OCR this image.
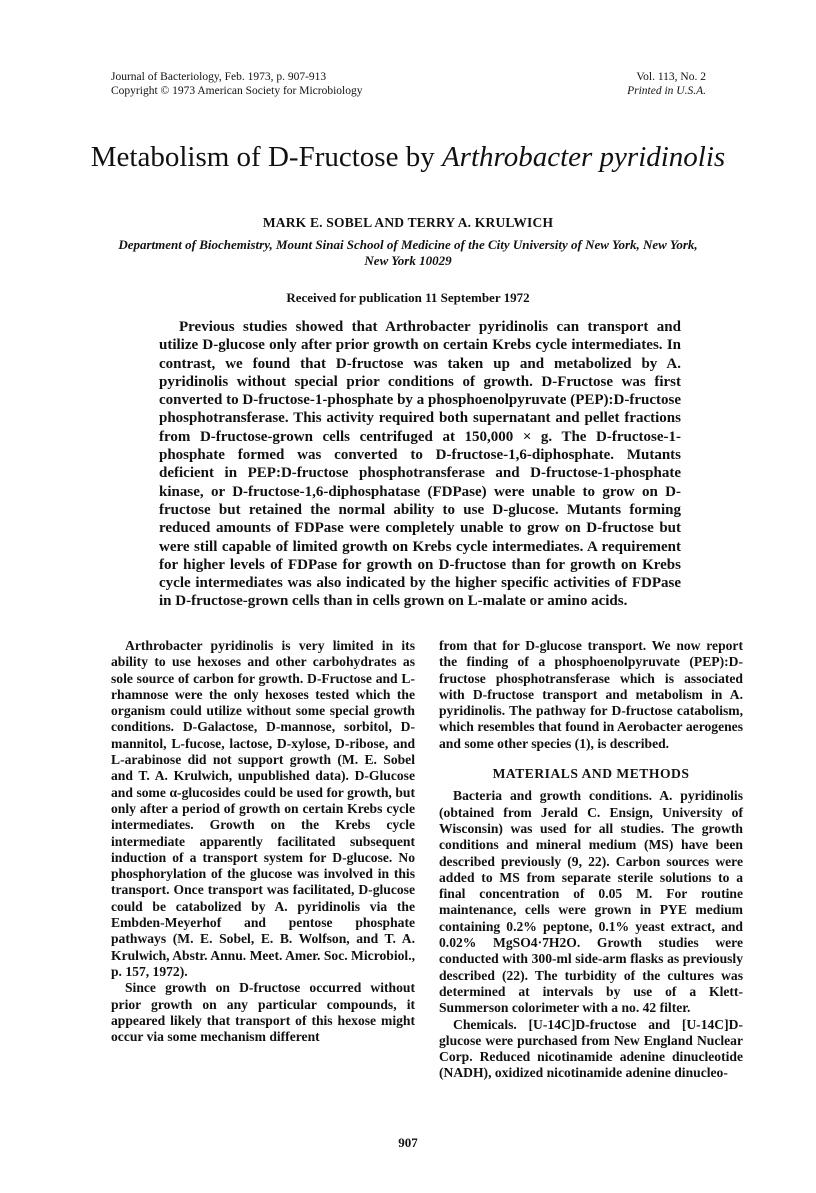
Journal of Bacteriology, Feb. 1973, p. 907-913
Copyright © 1973 American Society for Microbiology
Vol. 113, No. 2
Printed in U.S.A.
Metabolism of D-Fructose by Arthrobacter pyridinolis
MARK E. SOBEL AND TERRY A. KRULWICH
Department of Biochemistry, Mount Sinai School of Medicine of the City University of New York, New York, New York 10029
Received for publication 11 September 1972

Previous studies showed that Arthrobacter pyridinolis can transport and utilize D-glucose only after prior growth on certain Krebs cycle intermediates. In contrast, we found that D-fructose was taken up and metabolized by A. pyridinolis without special prior conditions of growth. D-Fructose was first converted to D-fructose-1-phosphate by a phosphoenolpyruvate (PEP):D-fructose phosphotransferase. This activity required both supernatant and pellet fractions from D-fructose-grown cells centrifuged at 150,000 × g. The D-fructose-1-phosphate formed was converted to D-fructose-1,6-diphosphate. Mutants deficient in PEP:D-fructose phosphotransferase and D-fructose-1-phosphate kinase, or D-fructose-1,6-diphosphatase (FDPase) were unable to grow on D-fructose but retained the normal ability to use D-glucose. Mutants forming reduced amounts of FDPase were completely unable to grow on D-fructose but were still capable of limited growth on Krebs cycle intermediates. A requirement for higher levels of FDPase for growth on D-fructose than for growth on Krebs cycle intermediates was also indicated by the higher specific activities of FDPase in D-fructose-grown cells than in cells grown on L-malate or amino acids.

Arthrobacter pyridinolis is very limited in its ability to use hexoses and other carbohydrates as sole source of carbon for growth. D-Fructose and L-rhamnose were the only hexoses tested which the organism could utilize without some special growth conditions. D-Galactose, D-mannose, sorbitol, D-mannitol, L-fucose, lactose, D-xylose, D-ribose, and L-arabinose did not support growth (M. E. Sobel and T. A. Krulwich, unpublished data). D-Glucose and some α-glucosides could be used for growth, but only after a period of growth on certain Krebs cycle intermediates. Growth on the Krebs cycle intermediate apparently facilitated subsequent induction of a transport system for D-glucose. No phosphorylation of the glucose was involved in this transport. Once transport was facilitated, D-glucose could be catabolized by A. pyridinolis via the Embden-Meyerhof and pentose phosphate pathways (M. E. Sobel, E. B. Wolfson, and T. A. Krulwich, Abstr. Annu. Meet. Amer. Soc. Microbiol., p. 157, 1972).

Since growth on D-fructose occurred without prior growth on any particular compounds, it appeared likely that transport of this hexose might occur via some mechanism different

from that for D-glucose transport. We now report the finding of a phosphoenolpyruvate (PEP):D-fructose phosphotransferase which is associated with D-fructose transport and metabolism in A. pyridinolis. The pathway for D-fructose catabolism, which resembles that found in Aerobacter aerogenes and some other species (1), is described.

MATERIALS AND METHODS

Bacteria and growth conditions. A. pyridinolis (obtained from Jerald C. Ensign, University of Wisconsin) was used for all studies. The growth conditions and mineral medium (MS) have been described previously (9, 22). Carbon sources were added to MS from separate sterile solutions to a final concentration of 0.05 M. For routine maintenance, cells were grown in PYE medium containing 0.2% peptone, 0.1% yeast extract, and 0.02% MgSO4·7H2O. Growth studies were conducted with 300-ml side-arm flasks as previously described (22). The turbidity of the cultures was determined at intervals by use of a Klett-Summerson colorimeter with a no. 42 filter.

Chemicals. [U-14C]D-fructose and [U-14C]D-glucose were purchased from New England Nuclear Corp. Reduced nicotinamide adenine dinucleotide (NADH), oxidized nicotinamide adenine dinucleo-

907
